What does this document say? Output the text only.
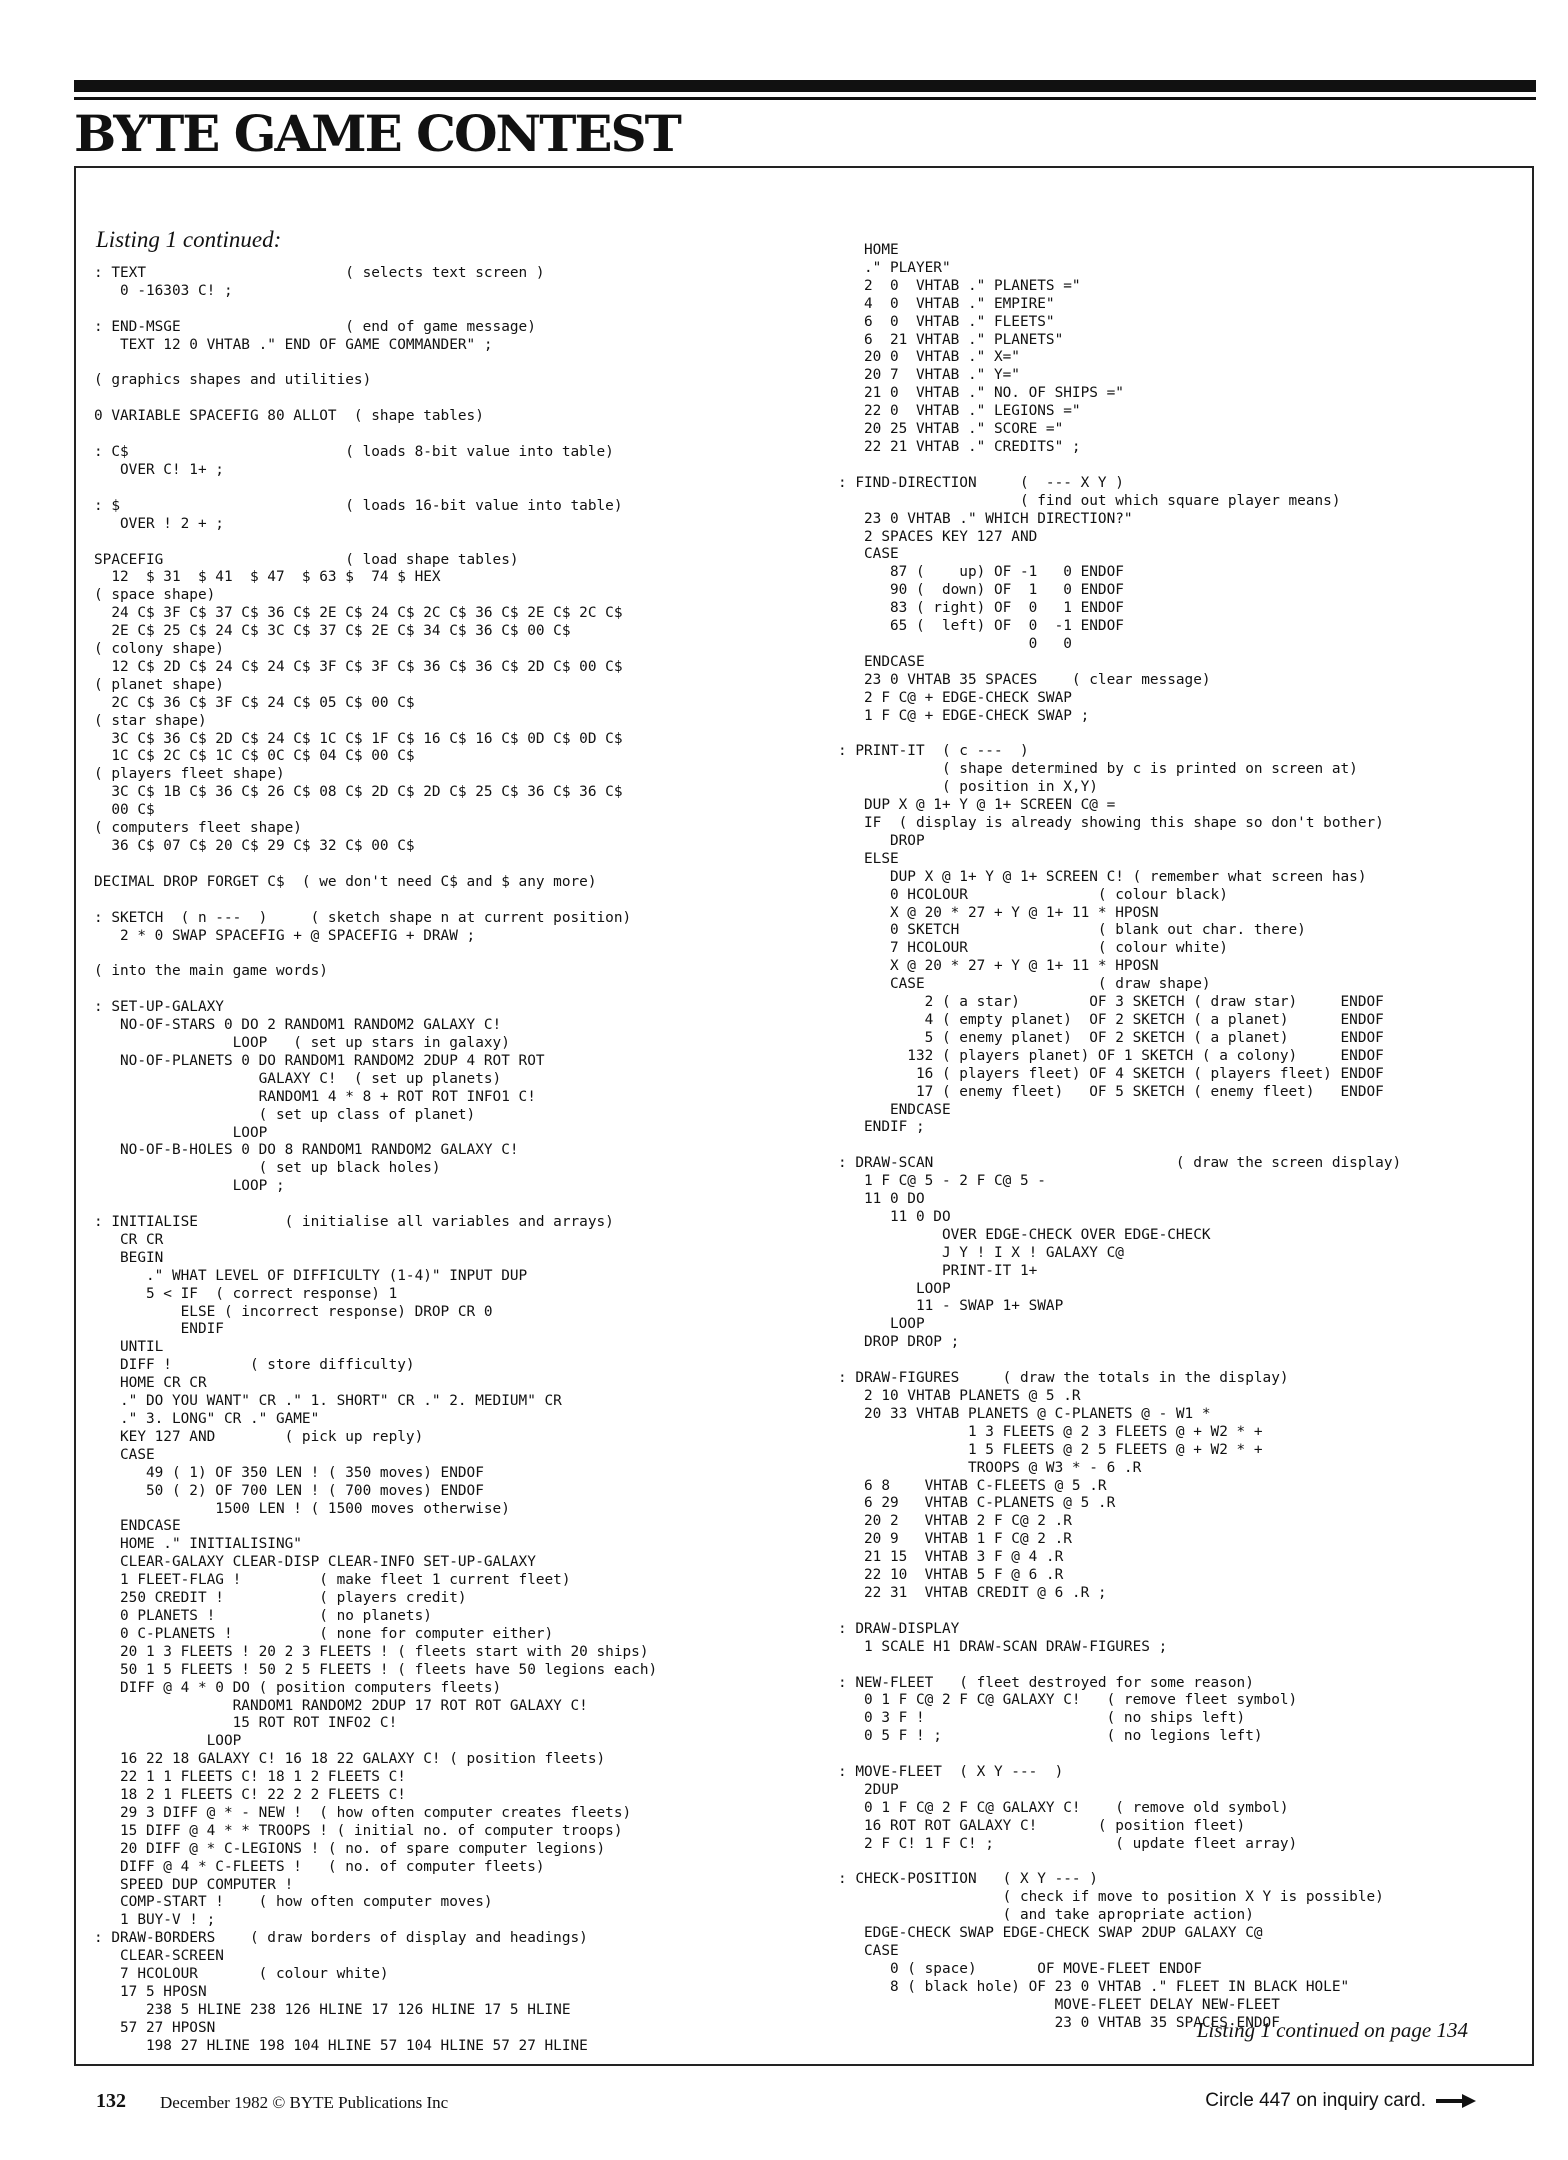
BYTE GAME CONTEST
Listing 1 continued:
: TEXT                       ( selects text screen )
0 -16303 C! ;

: END-MSGE                   ( end of game message)
TEXT 12 0 VHTAB ." END OF GAME COMMANDER" ;

( graphics shapes and utilities)

0 VARIABLE SPACEFIG 80 ALLOT  ( shape tables)

: C$                         ( loads 8-bit value into table)
OVER C! 1+ ;

: $                          ( loads 16-bit value into table)
OVER ! 2 + ;

SPACEFIG                     ( load shape tables)
12  $ 31  $ 41  $ 47  $ 63 $  74 $ HEX
( space shape)
24 C$ 3F C$ 37 C$ 36 C$ 2E C$ 24 C$ 2C C$ 36 C$ 2E C$ 2C C$
2E C$ 25 C$ 24 C$ 3C C$ 37 C$ 2E C$ 34 C$ 36 C$ 00 C$
( colony shape)
12 C$ 2D C$ 24 C$ 24 C$ 3F C$ 3F C$ 36 C$ 36 C$ 2D C$ 00 C$
( planet shape)
2C C$ 36 C$ 3F C$ 24 C$ 05 C$ 00 C$
( star shape)
3C C$ 36 C$ 2D C$ 24 C$ 1C C$ 1F C$ 16 C$ 16 C$ 0D C$ 0D C$
1C C$ 2C C$ 1C C$ 0C C$ 04 C$ 00 C$
( players fleet shape)
3C C$ 1B C$ 36 C$ 26 C$ 08 C$ 2D C$ 2D C$ 25 C$ 36 C$ 36 C$
00 C$
( computers fleet shape)
36 C$ 07 C$ 20 C$ 29 C$ 32 C$ 00 C$

DECIMAL DROP FORGET C$  ( we don't need C$ and $ any more)

: SKETCH  ( n ---  )     ( sketch shape n at current position)
2 * 0 SWAP SPACEFIG + @ SPACEFIG + DRAW ;

( into the main game words)

: SET-UP-GALAXY
NO-OF-STARS 0 DO 2 RANDOM1 RANDOM2 GALAXY C!
LOOP   ( set up stars in galaxy)
NO-OF-PLANETS 0 DO RANDOM1 RANDOM2 2DUP 4 ROT ROT
GALAXY C!  ( set up planets)
RANDOM1 4 * 8 + ROT ROT INFO1 C!
( set up class of planet)
LOOP
NO-OF-B-HOLES 0 DO 8 RANDOM1 RANDOM2 GALAXY C!
( set up black holes)
LOOP ;

: INITIALISE          ( initialise all variables and arrays)
CR CR
BEGIN
." WHAT LEVEL OF DIFFICULTY (1-4)" INPUT DUP
5 < IF  ( correct response) 1
ELSE ( incorrect response) DROP CR 0
ENDIF
UNTIL
DIFF !         ( store difficulty)
HOME CR CR
." DO YOU WANT" CR ." 1. SHORT" CR ." 2. MEDIUM" CR
." 3. LONG" CR ." GAME"
KEY 127 AND        ( pick up reply)
CASE
49 ( 1) OF 350 LEN ! ( 350 moves) ENDOF
50 ( 2) OF 700 LEN ! ( 700 moves) ENDOF
1500 LEN ! ( 1500 moves otherwise)
ENDCASE
HOME ." INITIALISING"
CLEAR-GALAXY CLEAR-DISP CLEAR-INFO SET-UP-GALAXY
1 FLEET-FLAG !         ( make fleet 1 current fleet)
250 CREDIT !           ( players credit)
0 PLANETS !            ( no planets)
0 C-PLANETS !          ( none for computer either)
20 1 3 FLEETS ! 20 2 3 FLEETS ! ( fleets start with 20 ships)
50 1 5 FLEETS ! 50 2 5 FLEETS ! ( fleets have 50 legions each)
DIFF @ 4 * 0 DO ( position computers fleets)
RANDOM1 RANDOM2 2DUP 17 ROT ROT GALAXY C!
15 ROT ROT INFO2 C!
LOOP
16 22 18 GALAXY C! 16 18 22 GALAXY C! ( position fleets)
22 1 1 FLEETS C! 18 1 2 FLEETS C!
18 2 1 FLEETS C! 22 2 2 FLEETS C!
29 3 DIFF @ * - NEW !  ( how often computer creates fleets)
15 DIFF @ 4 * * TROOPS ! ( initial no. of computer troops)
20 DIFF @ * C-LEGIONS ! ( no. of spare computer legions)
DIFF @ 4 * C-FLEETS !   ( no. of computer fleets)
SPEED DUP COMPUTER !
COMP-START !    ( how often computer moves)
1 BUY-V ! ;
: DRAW-BORDERS    ( draw borders of display and headings)
CLEAR-SCREEN
7 HCOLOUR       ( colour white)
17 5 HPOSN
238 5 HLINE 238 126 HLINE 17 126 HLINE 17 5 HLINE
57 27 HPOSN
198 27 HLINE 198 104 HLINE 57 104 HLINE 57 27 HLINE
HOME
." PLAYER"
2  0  VHTAB ." PLANETS ="
4  0  VHTAB ." EMPIRE"
6  0  VHTAB ." FLEETS"
6  21 VHTAB ." PLANETS"
20 0  VHTAB ." X="
20 7  VHTAB ." Y="
21 0  VHTAB ." NO. OF SHIPS ="
22 0  VHTAB ." LEGIONS ="
20 25 VHTAB ." SCORE ="
22 21 VHTAB ." CREDITS" ;

: FIND-DIRECTION     (  --- X Y )
( find out which square player means)
23 0 VHTAB ." WHICH DIRECTION?"
2 SPACES KEY 127 AND
CASE
87 (    up) OF -1   0 ENDOF
90 (  down) OF  1   0 ENDOF
83 ( right) OF  0   1 ENDOF
65 (  left) OF  0  -1 ENDOF
0   0
ENDCASE
23 0 VHTAB 35 SPACES    ( clear message)
2 F C@ + EDGE-CHECK SWAP
1 F C@ + EDGE-CHECK SWAP ;

: PRINT-IT  ( c ---  )
( shape determined by c is printed on screen at)
( position in X,Y)
DUP X @ 1+ Y @ 1+ SCREEN C@ =
IF  ( display is already showing this shape so don't bother)
DROP
ELSE
DUP X @ 1+ Y @ 1+ SCREEN C! ( remember what screen has)
0 HCOLOUR               ( colour black)
X @ 20 * 27 + Y @ 1+ 11 * HPOSN
0 SKETCH                ( blank out char. there)
7 HCOLOUR               ( colour white)
X @ 20 * 27 + Y @ 1+ 11 * HPOSN
CASE                    ( draw shape)
2 ( a star)        OF 3 SKETCH ( draw star)     ENDOF
4 ( empty planet)  OF 2 SKETCH ( a planet)      ENDOF
5 ( enemy planet)  OF 2 SKETCH ( a planet)      ENDOF
132 ( players planet) OF 1 SKETCH ( a colony)     ENDOF
16 ( players fleet) OF 4 SKETCH ( players fleet) ENDOF
17 ( enemy fleet)   OF 5 SKETCH ( enemy fleet)   ENDOF
ENDCASE
ENDIF ;

: DRAW-SCAN                            ( draw the screen display)
1 F C@ 5 - 2 F C@ 5 -
11 0 DO
11 0 DO
OVER EDGE-CHECK OVER EDGE-CHECK
J Y ! I X ! GALAXY C@
PRINT-IT 1+
LOOP
11 - SWAP 1+ SWAP
LOOP
DROP DROP ;

: DRAW-FIGURES     ( draw the totals in the display)
2 10 VHTAB PLANETS @ 5 .R
20 33 VHTAB PLANETS @ C-PLANETS @ - W1 *
1 3 FLEETS @ 2 3 FLEETS @ + W2 * +
1 5 FLEETS @ 2 5 FLEETS @ + W2 * +
TROOPS @ W3 * - 6 .R
6 8    VHTAB C-FLEETS @ 5 .R
6 29   VHTAB C-PLANETS @ 5 .R
20 2   VHTAB 2 F C@ 2 .R
20 9   VHTAB 1 F C@ 2 .R
21 15  VHTAB 3 F @ 4 .R
22 10  VHTAB 5 F @ 6 .R
22 31  VHTAB CREDIT @ 6 .R ;

: DRAW-DISPLAY
1 SCALE H1 DRAW-SCAN DRAW-FIGURES ;

: NEW-FLEET   ( fleet destroyed for some reason)
0 1 F C@ 2 F C@ GALAXY C!   ( remove fleet symbol)
0 3 F !                     ( no ships left)
0 5 F ! ;                   ( no legions left)

: MOVE-FLEET  ( X Y ---  )
2DUP
0 1 F C@ 2 F C@ GALAXY C!    ( remove old symbol)
16 ROT ROT GALAXY C!       ( position fleet)
2 F C! 1 F C! ;              ( update fleet array)

: CHECK-POSITION   ( X Y --- )
( check if move to position X Y is possible)
( and take apropriate action)
EDGE-CHECK SWAP EDGE-CHECK SWAP 2DUP GALAXY C@
CASE
0 ( space)       OF MOVE-FLEET ENDOF
8 ( black hole) OF 23 0 VHTAB ." FLEET IN BLACK HOLE"
MOVE-FLEET DELAY NEW-FLEET
23 0 VHTAB 35 SPACES ENDOF
Listing 1 continued on page 134
132 December 1982 © BYTE Publications Inc	Circle 447 on inquiry card.
